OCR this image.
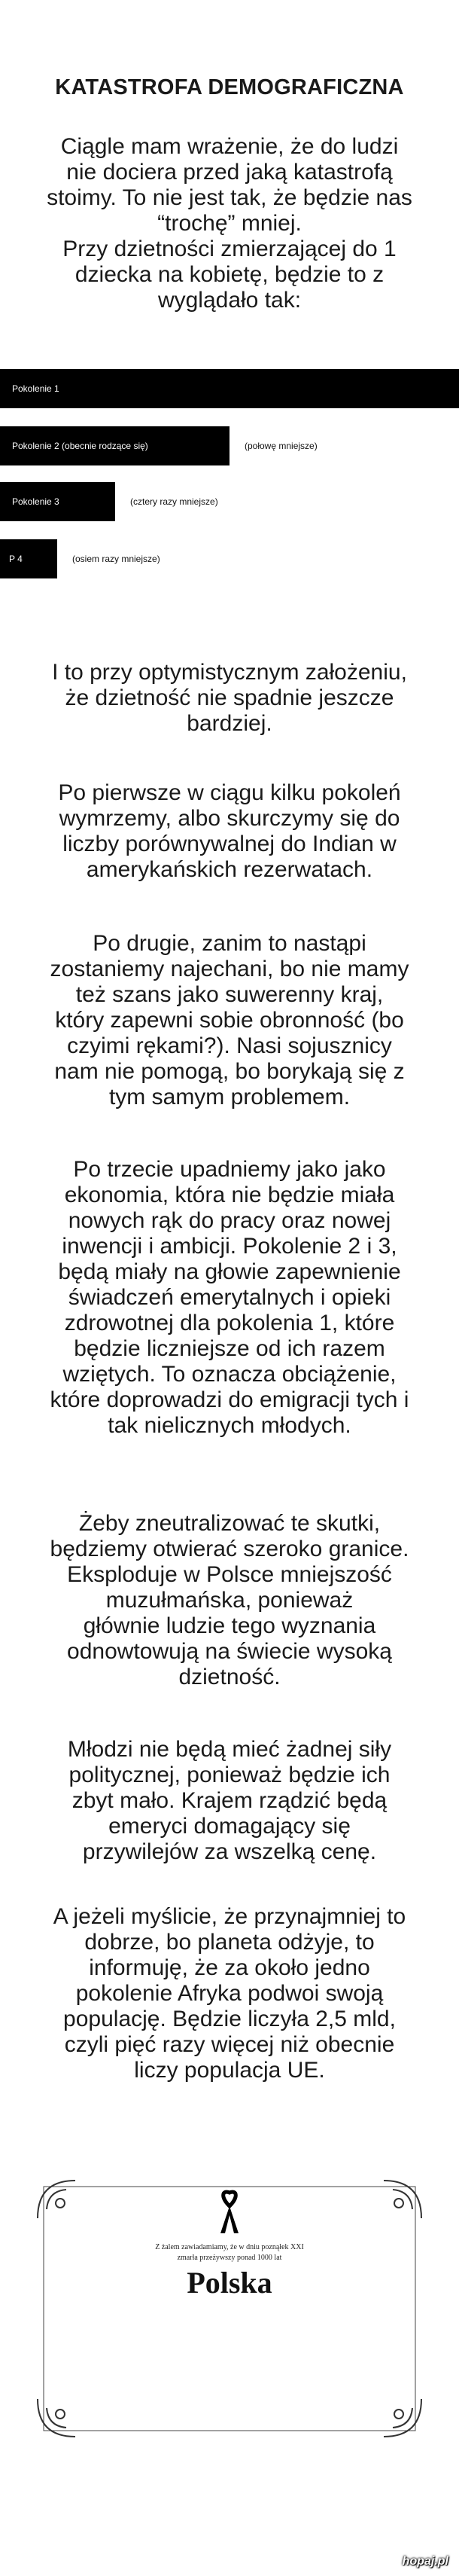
KATASTROFA DEMOGRAFICZNA
Ciągle mam wrażenie, że do ludzi
nie dociera przed jaką katastrofą
stoimy. To nie jest tak, że będzie nas
“trochę” mniej.
Przy dzietności zmierzającej do 1
dziecka na kobietę, będzie to z
wyglądało tak:
Pokolenie 1
Pokolenie 2 (obecnie rodzące się)	(połowę mniejsze)
Pokolenie 3	(cztery razy mniejsze)
P 4	(osiem razy mniejsze)
I to przy optymistycznym założeniu,
że dzietność nie spadnie jeszcze
bardziej.
Po pierwsze w ciągu kilku pokoleń
wymrzemy, albo skurczymy się do
liczby porównywalnej do Indian w
amerykańskich rezerwatach.
Po drugie, zanim to nastąpi
zostaniemy najechani, bo nie mamy
też szans jako suwerenny kraj,
który zapewni sobie obronność (bo
czyimi rękami?). Nasi sojusznicy
nam nie pomogą, bo borykają się z
tym samym problemem.
Po trzecie upadniemy jako jako
ekonomia, która nie będzie miała
nowych rąk do pracy oraz nowej
inwencji i ambicji. Pokolenie 2 i 3,
będą miały na głowie zapewnienie
świadczeń emerytalnych i opieki
zdrowotnej dla pokolenia 1, które
będzie liczniejsze od ich razem
wziętych. To oznacza obciążenie,
które doprowadzi do emigracji tych i
tak nielicznych młodych.
Żeby zneutralizować te skutki,
będziemy otwierać szeroko granice.
Eksploduje w Polsce mniejszość
muzułmańska, ponieważ
głównie ludzie tego wyznania
odnowtowują na świecie wysoką
dzietność.
Młodzi nie będą mieć żadnej siły
politycznej, ponieważ będzie ich
zbyt mało. Krajem rządzić będą
emeryci domagający się
przywilejów za wszelką cenę.
A jeżeli myślicie, że przynajmniej to
dobrze, bo planeta odżyje, to
informuję, że za około jedno
pokolenie Afryka podwoi swoją
populację. Będzie liczyła 2,5 mld,
czyli pięć razy więcej niż obecnie
liczy populacja UE.
Z żalem zawiadamiamy, że w dniu poznąłek XXI
zmarła przeżywszy ponad 1000 lat
Polska
hopaj.pl
